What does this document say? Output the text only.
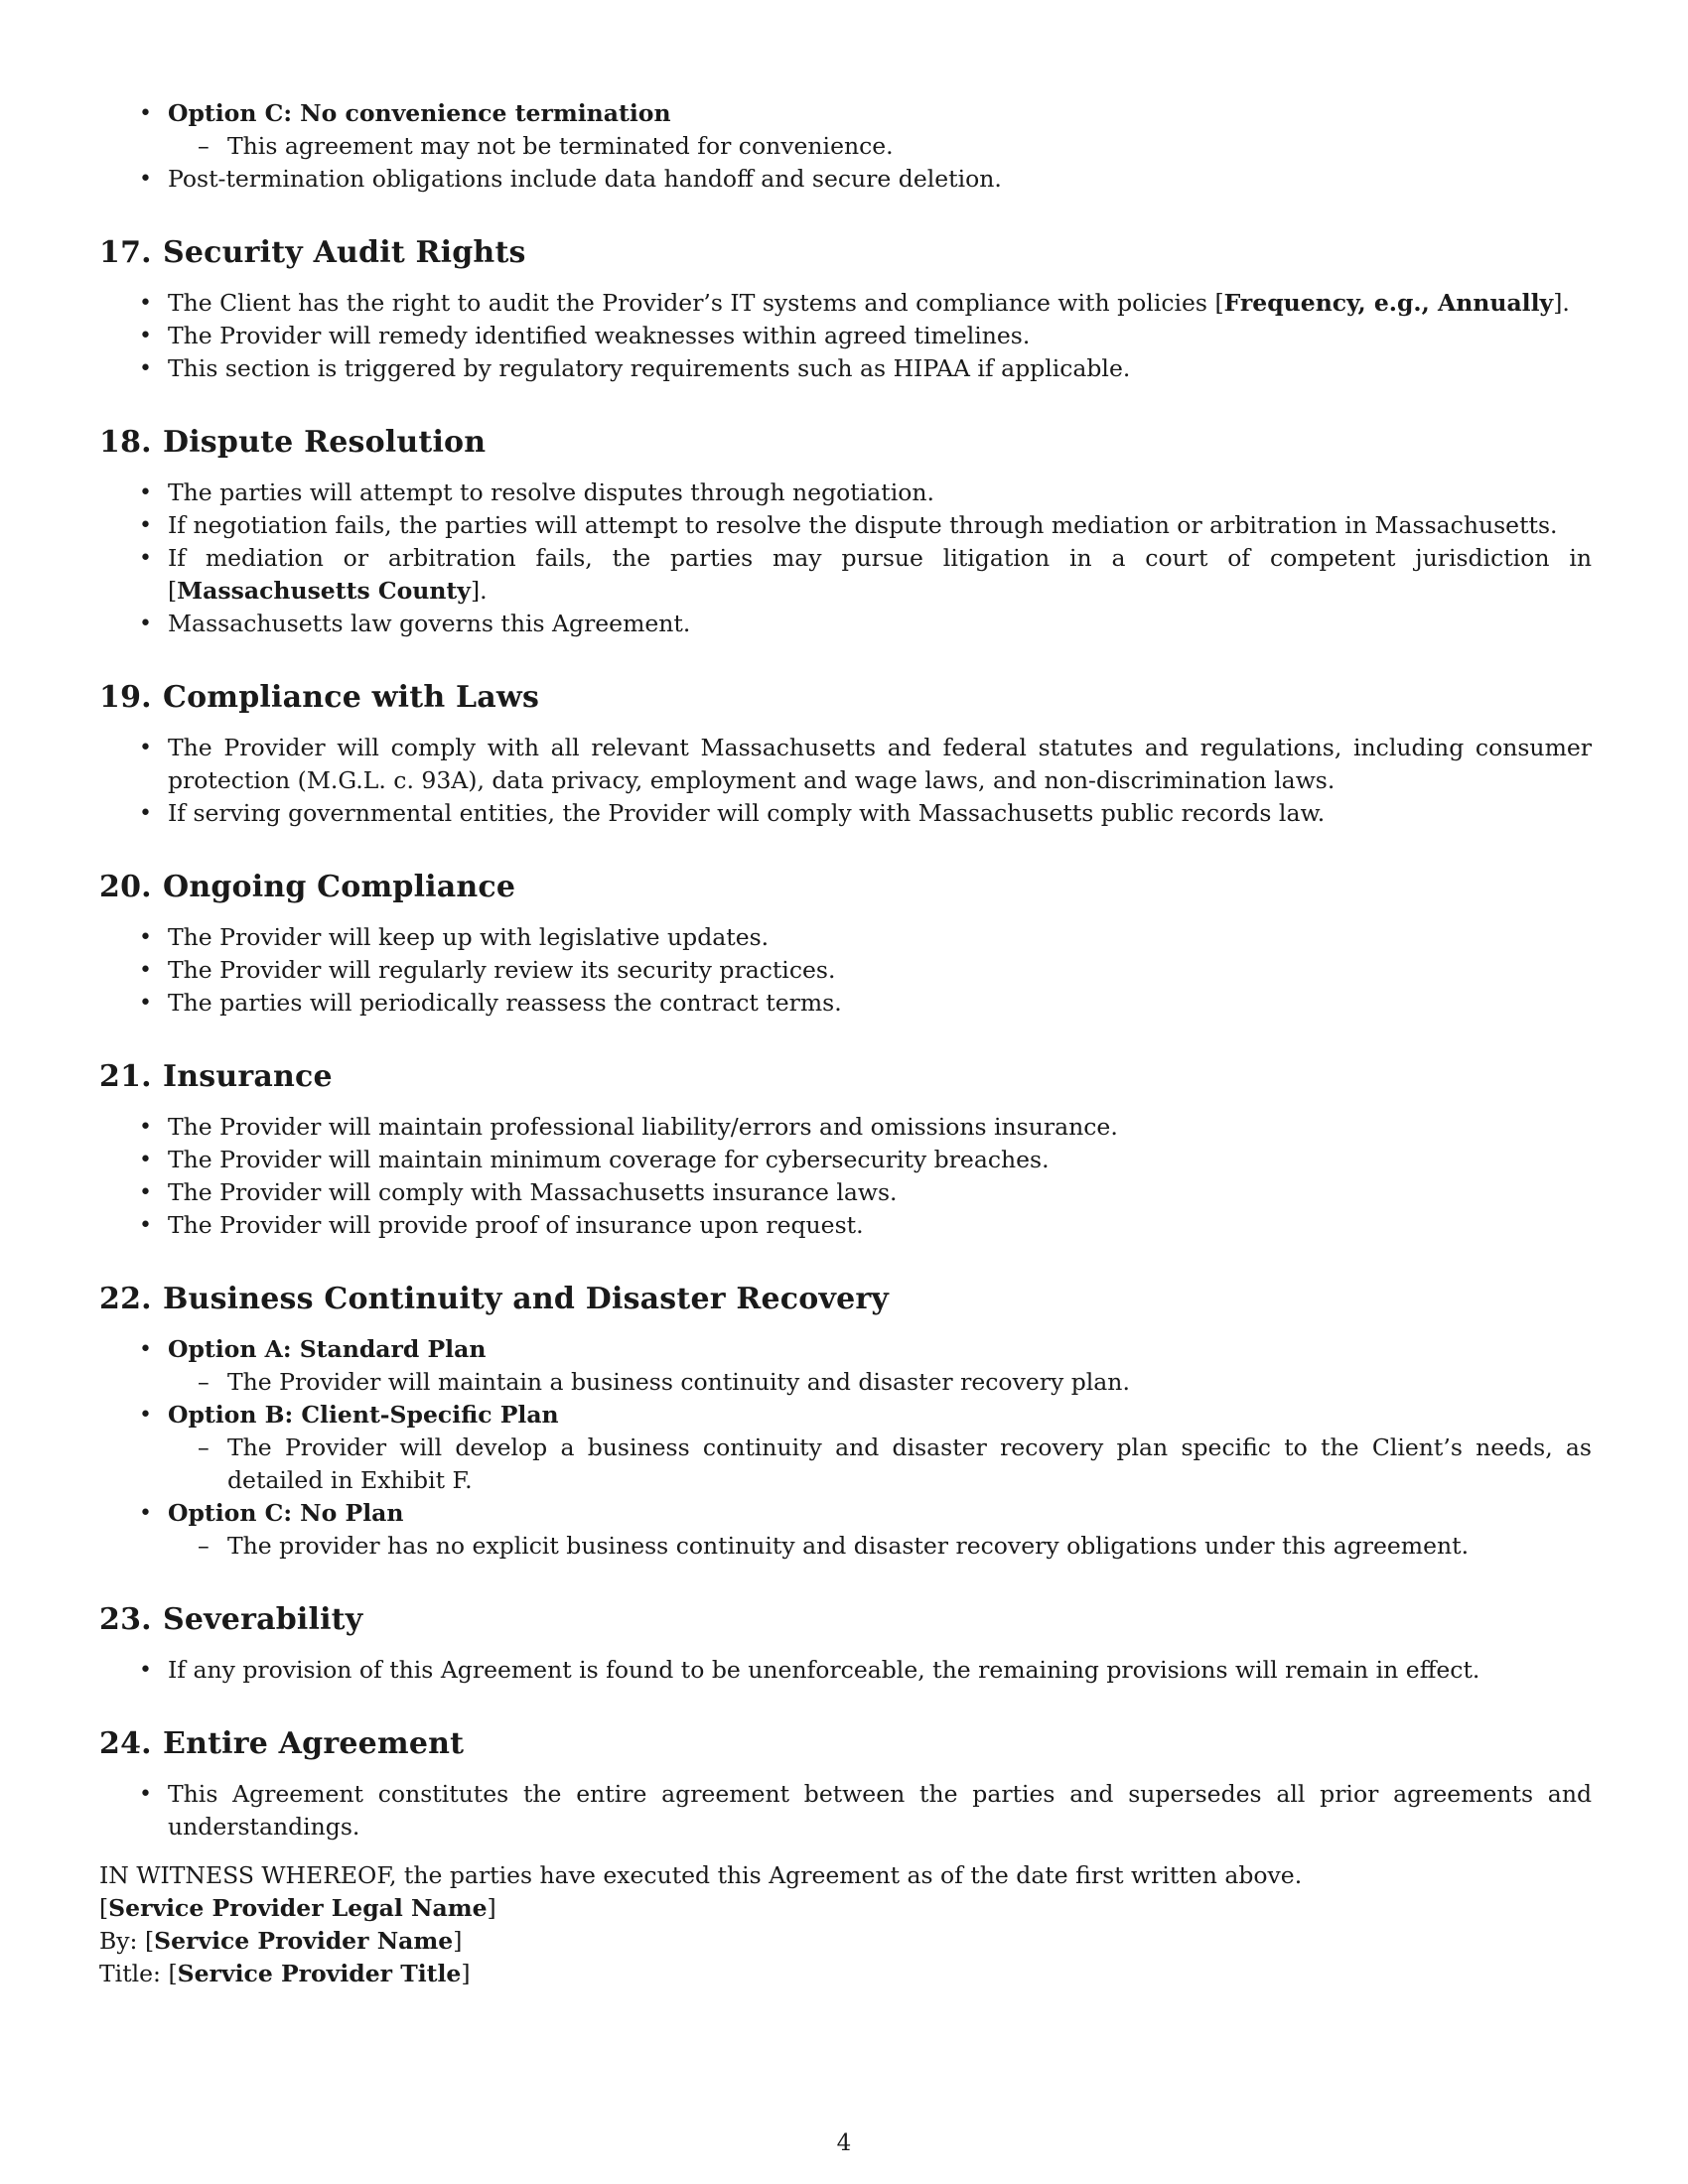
• Option C: No convenience termination
– This agreement may not be terminated for convenience.
• Post-termination obligations include data handoff and secure deletion.
17. Security Audit Rights
• The Client has the right to audit the Provider’s IT systems and compliance with policies [Frequency, e.g., Annually].
• The Provider will remedy identified weaknesses within agreed timelines.
• This section is triggered by regulatory requirements such as HIPAA if applicable.
18. Dispute Resolution
• The parties will attempt to resolve disputes through negotiation.
• If negotiation fails, the parties will attempt to resolve the dispute through mediation or arbitration in Massachusetts.
• If mediation or arbitration fails, the parties may pursue litigation in a court of competent jurisdiction in [Massachusetts County].
• Massachusetts law governs this Agreement.
19. Compliance with Laws
• The Provider will comply with all relevant Massachusetts and federal statutes and regulations, including consumer protection (M.G.L. c. 93A), data privacy, employment and wage laws, and non-discrimination laws.
• If serving governmental entities, the Provider will comply with Massachusetts public records law.
20. Ongoing Compliance
• The Provider will keep up with legislative updates.
• The Provider will regularly review its security practices.
• The parties will periodically reassess the contract terms.
21. Insurance
• The Provider will maintain professional liability/errors and omissions insurance.
• The Provider will maintain minimum coverage for cybersecurity breaches.
• The Provider will comply with Massachusetts insurance laws.
• The Provider will provide proof of insurance upon request.
22. Business Continuity and Disaster Recovery
• Option A: Standard Plan
– The Provider will maintain a business continuity and disaster recovery plan.
• Option B: Client-Specific Plan
– The Provider will develop a business continuity and disaster recovery plan specific to the Client’s needs, as detailed in Exhibit F.
• Option C: No Plan
– The provider has no explicit business continuity and disaster recovery obligations under this agreement.
23. Severability
• If any provision of this Agreement is found to be unenforceable, the remaining provisions will remain in effect.
24. Entire Agreement
• This Agreement constitutes the entire agreement between the parties and supersedes all prior agreements and understandings.

IN WITNESS WHEREOF, the parties have executed this Agreement as of the date first written above.

[Service Provider Legal Name]

By: [Service Provider Name]

Title: [Service Provider Title]

4
